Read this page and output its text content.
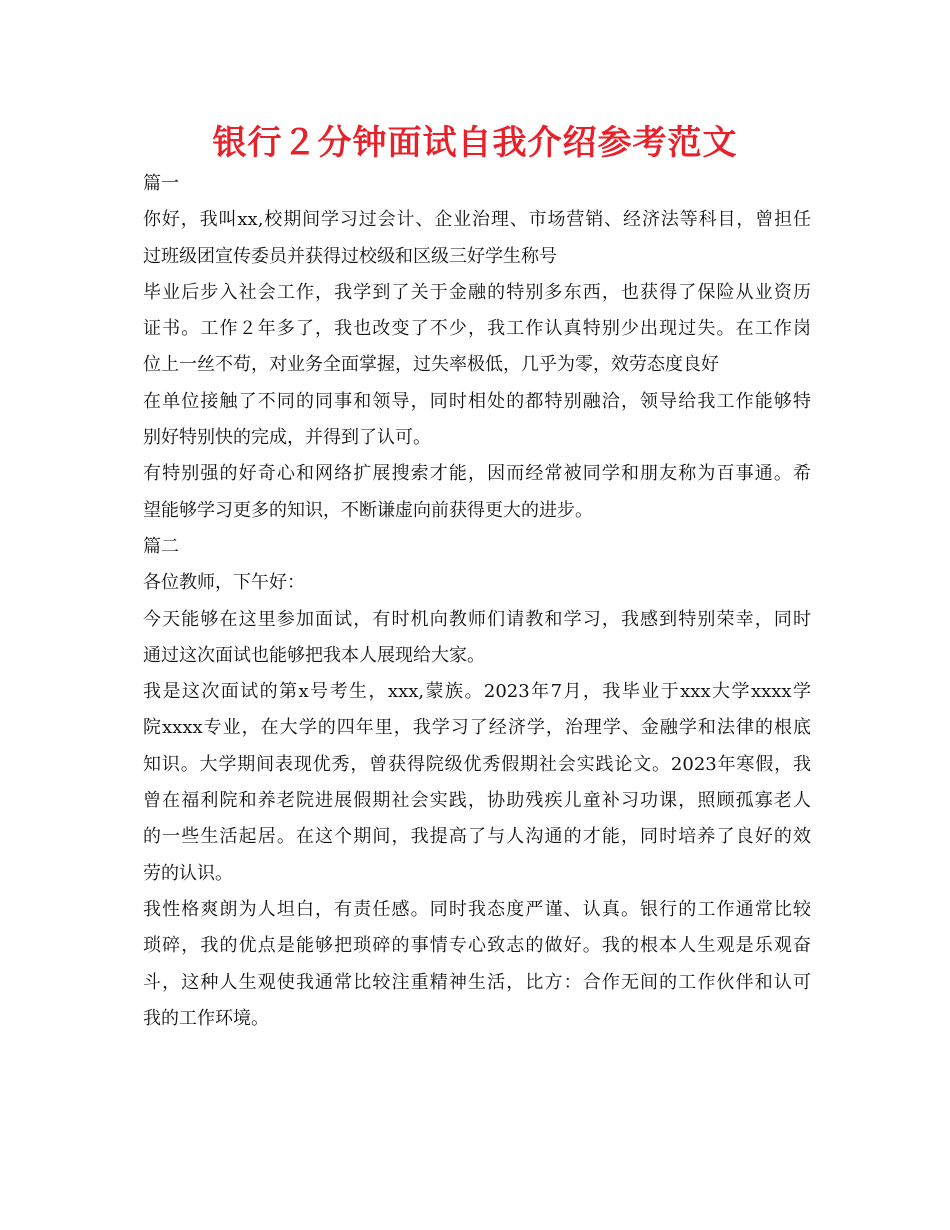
银行２分钟面试自我介绍参考范文
篇一
你好，我叫xx,校期间学习过会计、企业治理、市场营销、经济法等科目，曾担任
过班级团宣传委员并获得过校级和区级三好学生称号
毕业后步入社会工作，我学到了关于金融的特别多东西，也获得了保险从业资历
证书。工作２年多了，我也改变了不少，我工作认真特别少出现过失。在工作岗
位上一丝不苟，对业务全面掌握，过失率极低，几乎为零，效劳态度良好
在单位接触了不同的同事和领导，同时相处的都特别融洽，领导给我工作能够特
别好特别快的完成，并得到了认可。
有特别强的好奇心和网络扩展搜索才能，因而经常被同学和朋友称为百事通。希
望能够学习更多的知识，不断谦虚向前获得更大的进步。
篇二
各位教师，下午好：
今天能够在这里参加面试，有时机向教师们请教和学习，我感到特别荣幸，同时
通过这次面试也能够把我本人展现给大家。
我是这次面试的第x号考生，xxx,蒙族。2023年7月，我毕业于xxx大学xxxx学
院xxxx专业，在大学的四年里，我学习了经济学，治理学、金融学和法律的根底
知识。大学期间表现优秀，曾获得院级优秀假期社会实践论文。2023年寒假，我
曾在福利院和养老院进展假期社会实践，协助残疾儿童补习功课，照顾孤寡老人
的一些生活起居。在这个期间，我提高了与人沟通的才能，同时培养了良好的效
劳的认识。
我性格爽朗为人坦白，有责任感。同时我态度严谨、认真。银行的工作通常比较
琐碎，我的优点是能够把琐碎的事情专心致志的做好。我的根本人生观是乐观奋
斗，这种人生观使我通常比较注重精神生活，比方：合作无间的工作伙伴和认可
我的工作环境。
